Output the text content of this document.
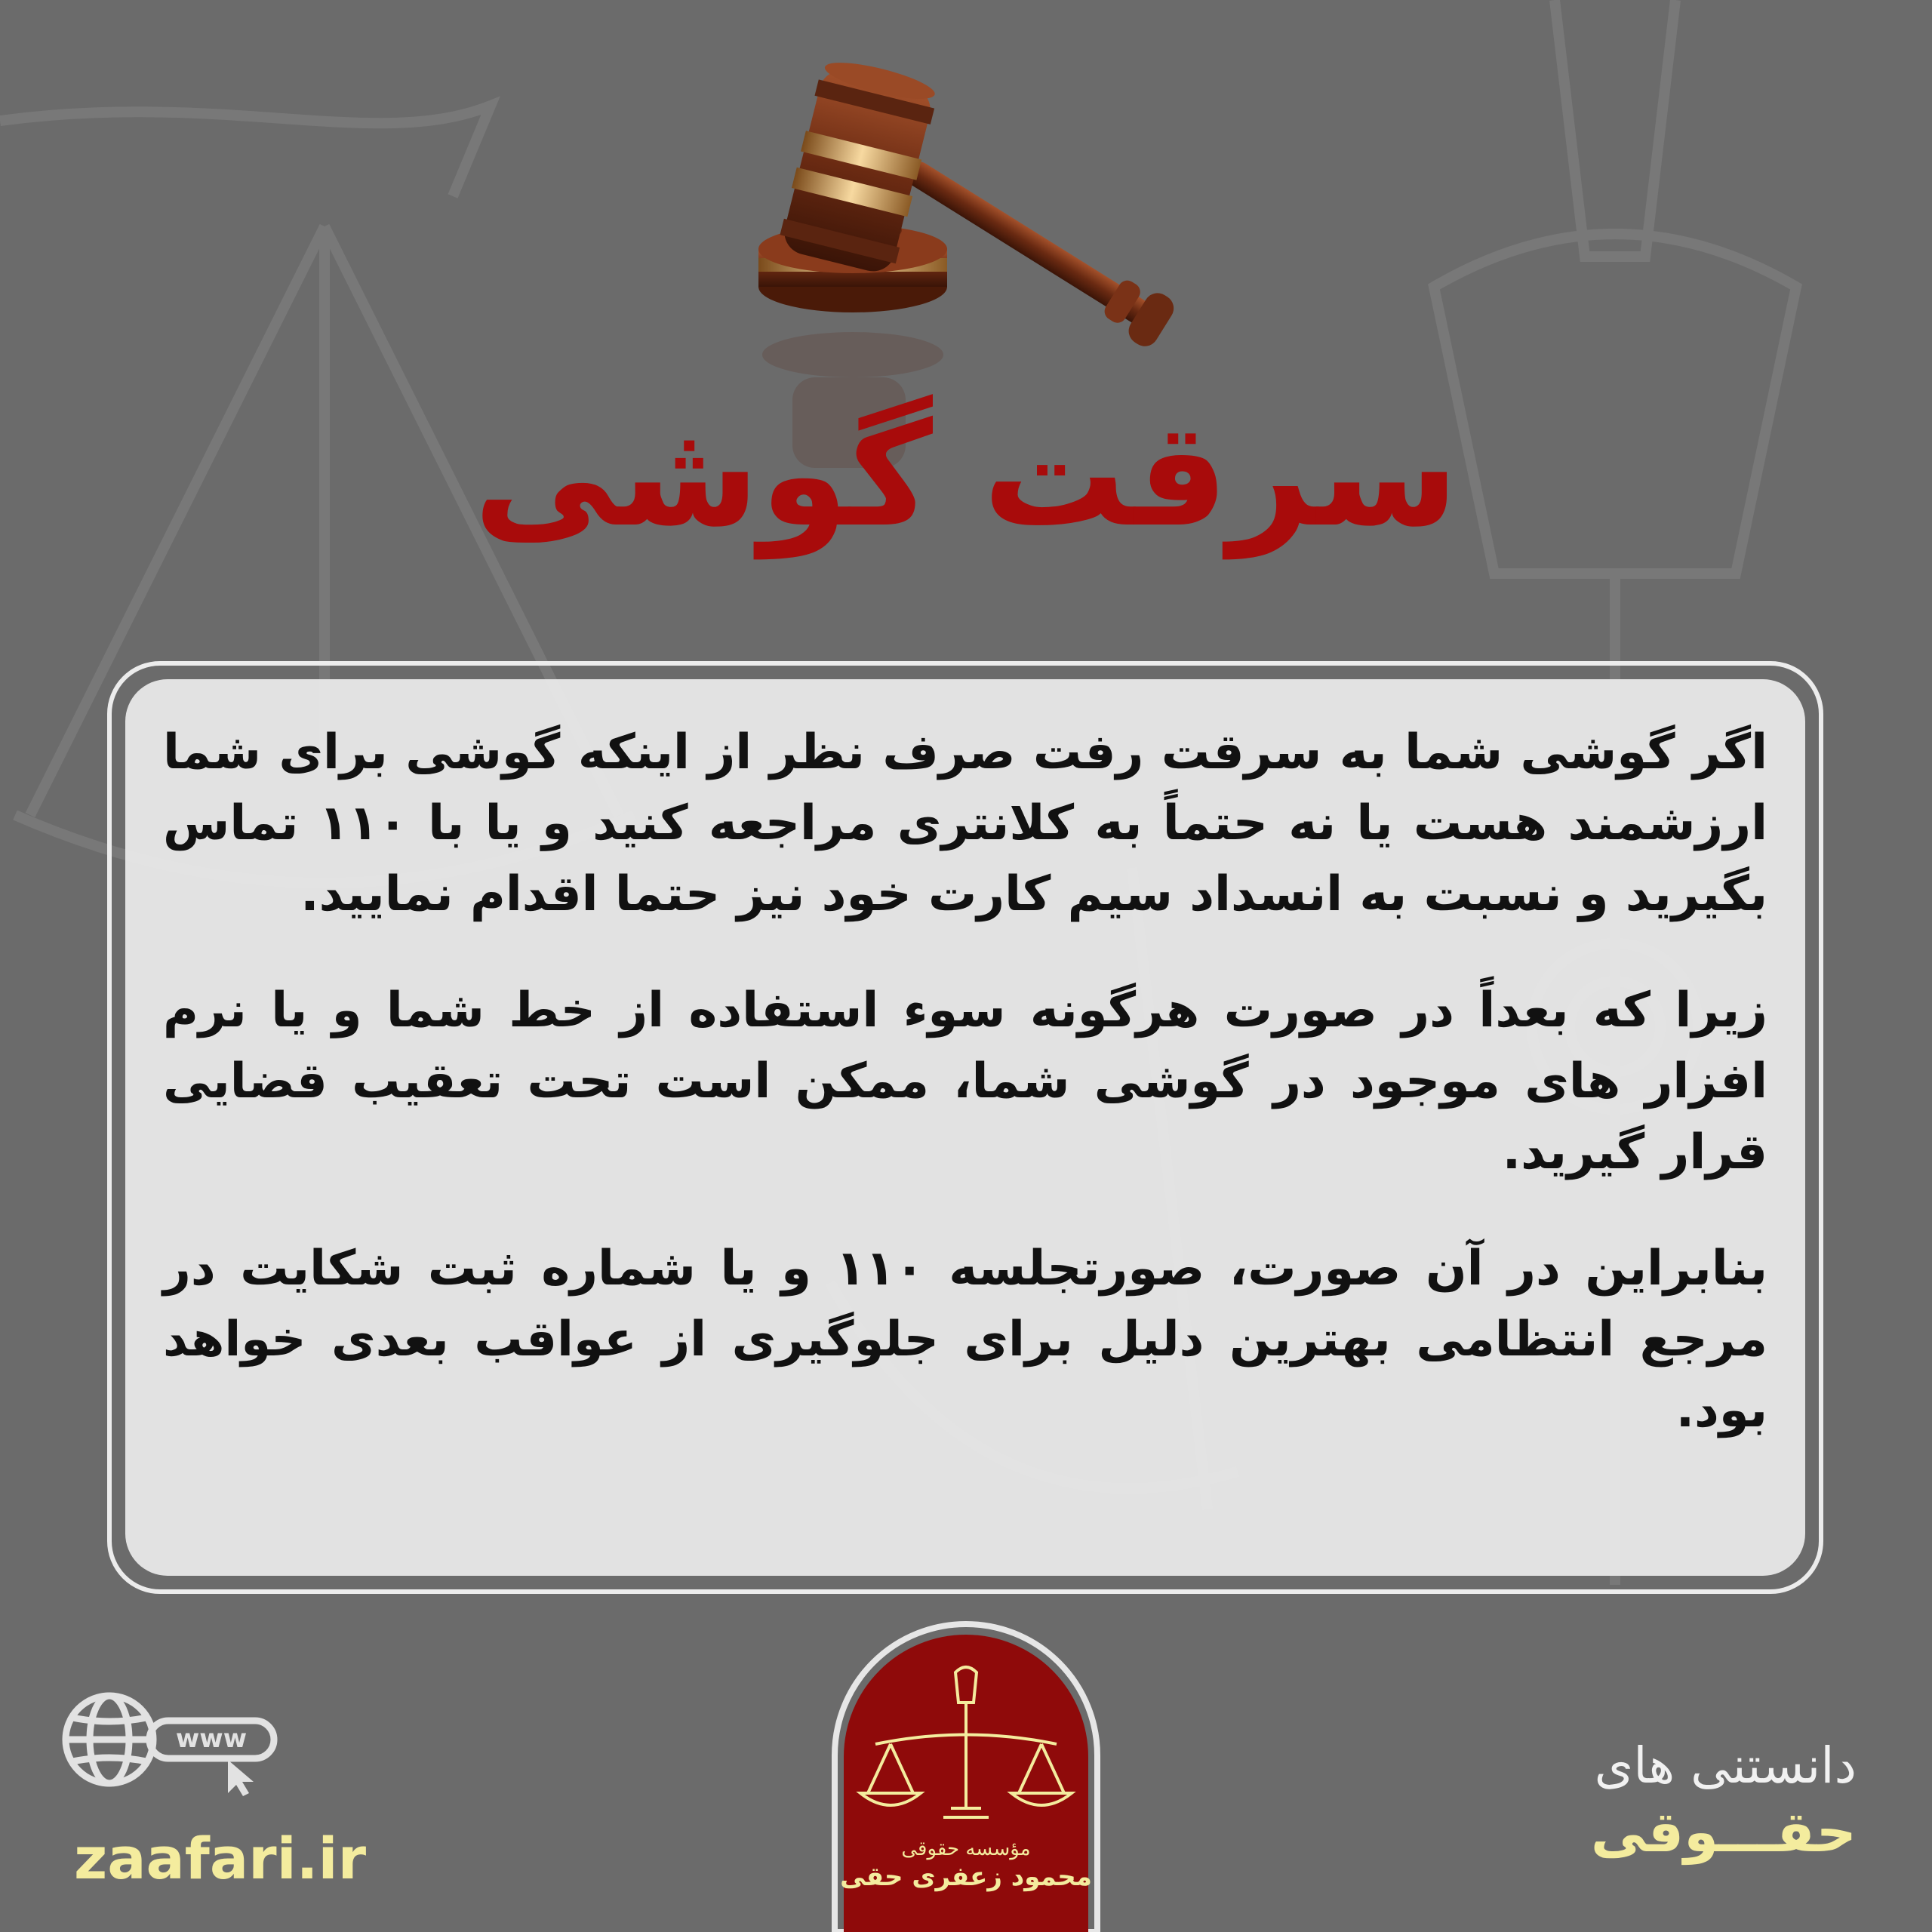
سرقت گوشی

اگر گوشی شما به سرقت رفت صرف نظر از اینکه گوشی برای شما ارزشمند هست یا نه حتماً به کلانتری مراجعه کنید و یا با ۱۱۰ تماس بگیرید و نسبت به انسداد سیم کارت خود نیز حتما اقدام نمایید.

زیرا که بعداً در صورت هرگونه سوء استفاده از خط شما و یا نرم افزار های موجود در گوشی شما، ممکن است تحت تعقیب قضایی قرار گیرید.

بنابراین در آن صورت، صورتجلسه ۱۱۰ و یا شماره ثبت شکایت در مرجع انتظامی بهترین دلیل برای جلوگیری از عواقب بعدی خواهد بود.

www
zaafari.ir	مؤسسه حقوقی
محمود زعفری حقی
دانستنی های
حقـــوقی
